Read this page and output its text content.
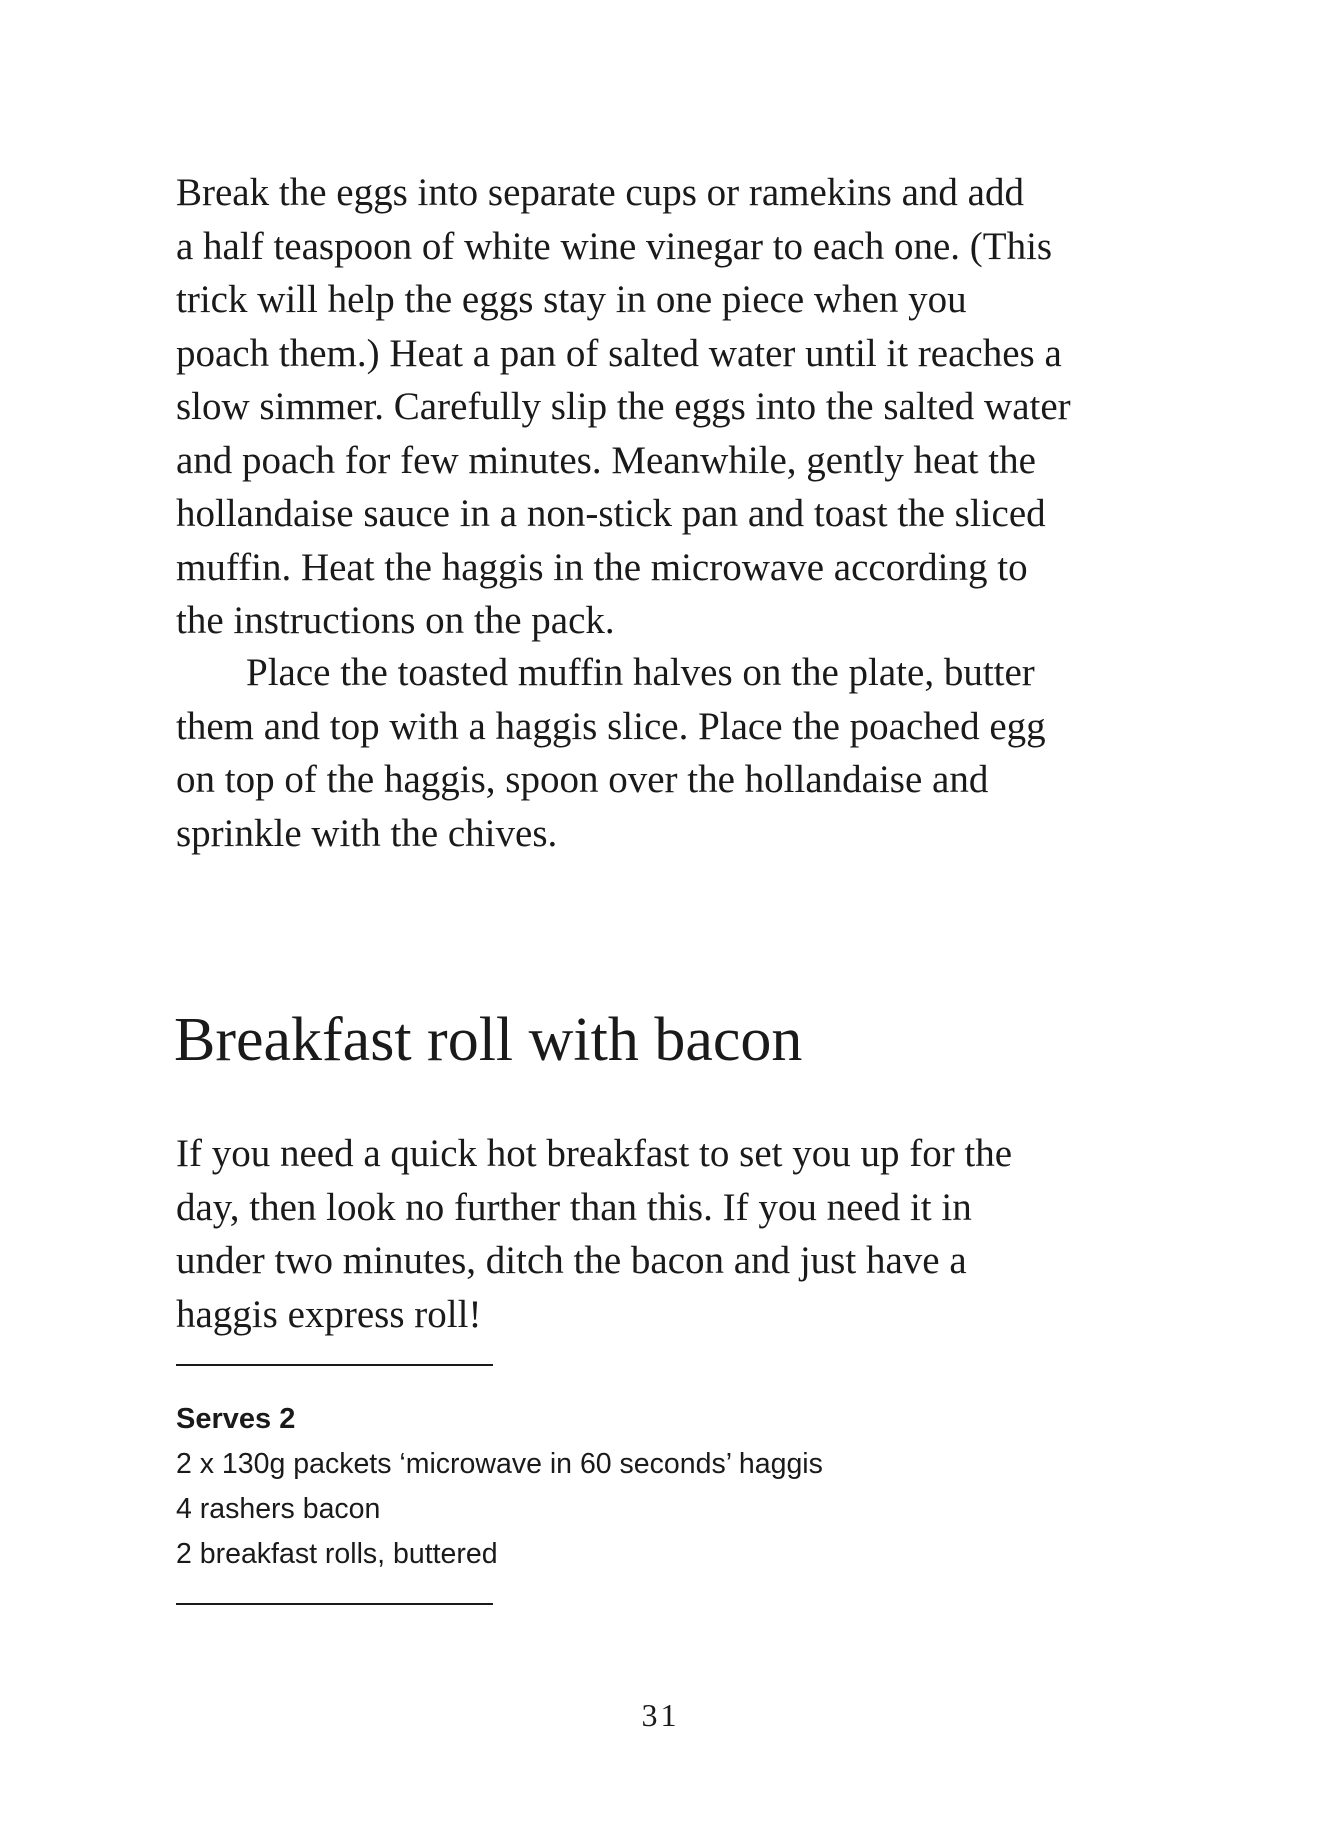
Break the eggs into separate cups or ramekins and add
a half teaspoon of white wine vinegar to each one. (This
trick will help the eggs stay in one piece when you
poach them.) Heat a pan of salted water until it reaches a
slow simmer. Carefully slip the eggs into the salted water
and poach for few minutes. Meanwhile, gently heat the
hollandaise sauce in a non-stick pan and toast the sliced
muffin. Heat the haggis in the microwave according to
the instructions on the pack.

Place the toasted muffin halves on the plate, butter
them and top with a haggis slice. Place the poached egg
on top of the haggis, spoon over the hollandaise and
sprinkle with the chives.

Breakfast roll with bacon

If you need a quick hot breakfast to set you up for the
day, then look no further than this. If you need it in
under two minutes, ditch the bacon and just have a
haggis express roll!

Serves 2
2 x 130g packets ‘microwave in 60 seconds’ haggis
4 rashers bacon
2 breakfast rolls, buttered
31
